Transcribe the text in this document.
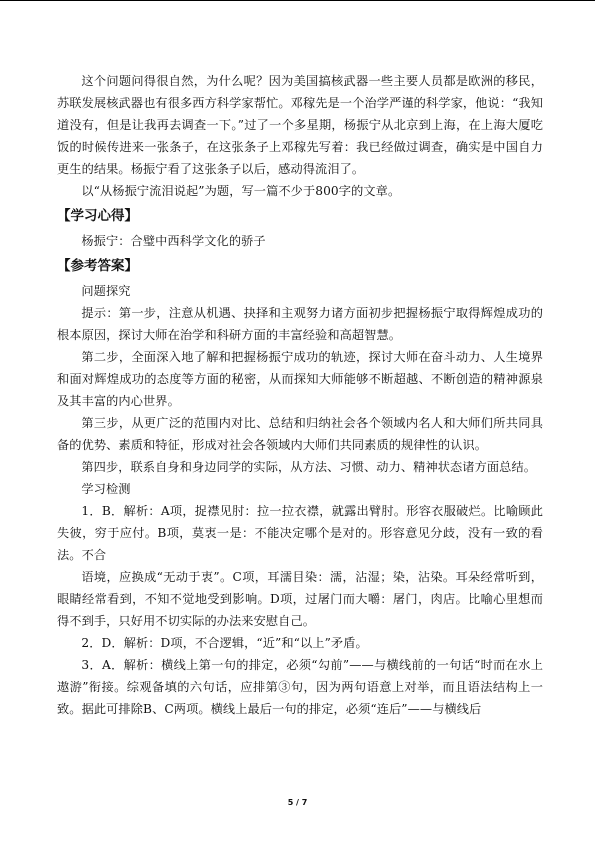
这个问题问得很自然，为什么呢？因为美国搞核武器一些主要人员都是欧洲的移民，苏联发展核武器也有很多西方科学家帮忙。邓稼先是一个治学严谨的科学家，他说：“我知道没有，但是让我再去调查一下。”过了一个多星期，杨振宁从北京到上海，在上海大厦吃饭的时候传进来一张条子，在这张条子上邓稼先写着：我已经做过调查，确实是中国自力更生的结果。杨振宁看了这张条子以后，感动得流泪了。

以“从杨振宁流泪说起”为题，写一篇不少于800字的文章。

【学习心得】

杨振宁：合璧中西科学文化的骄子

【参考答案】

问题探究

提示：第一步，注意从机遇、抉择和主观努力诸方面初步把握杨振宁取得辉煌成功的根本原因，探讨大师在治学和科研方面的丰富经验和高超智慧。

第二步，全面深入地了解和把握杨振宁成功的轨迹，探讨大师在奋斗动力、人生境界和面对辉煌成功的态度等方面的秘密，从而探知大师能够不断超越、不断创造的精神源泉及其丰富的内心世界。

第三步，从更广泛的范围内对比、总结和归纳社会各个领域内名人和大师们所共同具备的优势、素质和特征，形成对社会各领域内大师们共同素质的规律性的认识。

第四步，联系自身和身边同学的实际，从方法、习惯、动力、精神状态诸方面总结。

学习检测

1．B．解析：A项，捉襟见肘：拉一拉衣襟，就露出臂肘。形容衣服破烂。比喻顾此失彼，穷于应付。B项，莫衷一是：不能决定哪个是对的。形容意见分歧，没有一致的看法。不合

语境，应换成“无动于衷”。C项，耳濡目染：濡，沾湿；染，沾染。耳朵经常听到，眼睛经常看到，不知不觉地受到影响。D项，过屠门而大嚼：屠门，肉店。比喻心里想而得不到手，只好用不切实际的办法来安慰自己。

2．D．解析：D项，不合逻辑，“近”和“以上”矛盾。

3．A．解析：横线上第一句的排定，必须“勾前”——与横线前的一句话“时而在水上遨游”衔接。综观备填的六句话，应排第③句，因为两句语意上对举，而且语法结构上一致。据此可排除B、C两项。横线上最后一句的排定，必须“连后”——与横线后

5 / 7
